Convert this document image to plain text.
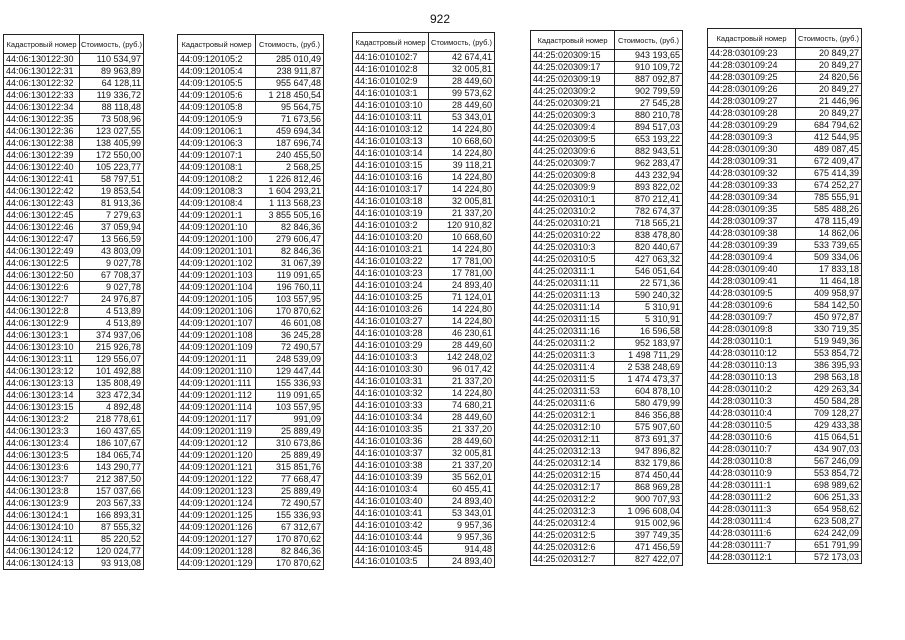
922
Кадастровый номер	Стоимость, (руб.)
44:06:130122:30	110 534,97
44:06:130122:31	89 963,89
44:06:130122:32	64 128,11
44:06:130122:33	119 336,72
44:06:130122:34	88 118,48
44:06:130122:35	73 508,96
44:06:130122:36	123 027,55
44:06:130122:38	138 405,99
44:06:130122:39	172 550,00
44:06:130122:40	105 223,77
44:06:130122:41	58 797,51
44:06:130122:42	19 853,54
44:06:130122:43	81 913,36
44:06:130122:45	7 279,63
44:06:130122:46	37 059,94
44:06:130122:47	13 566,59
44:06:130122:49	43 803,09
44:06:130122:5	9 027,78
44:06:130122:50	67 708,37
44:06:130122:6	9 027,78
44:06:130122:7	24 976,87
44:06:130122:8	4 513,89
44:06:130122:9	4 513,89
44:06:130123:1	374 937,06
44:06:130123:10	215 926,78
44:06:130123:11	129 556,07
44:06:130123:12	101 492,88
44:06:130123:13	135 808,49
44:06:130123:14	323 472,34
44:06:130123:15	4 892,48
44:06:130123:2	218 778,61
44:06:130123:3	160 437,65
44:06:130123:4	186 107,67
44:06:130123:5	184 065,74
44:06:130123:6	143 290,77
44:06:130123:7	212 387,50
44:06:130123:8	157 037,66
44:06:130123:9	203 567,33
44:06:130124:1	166 893,31
44:06:130124:10	87 555,32
44:06:130124:11	85 220,52
44:06:130124:12	120 024,77
44:06:130124:13	93 913,08
Кадастровый номер	Стоимость, (руб.)
44:09:120105:2	285 010,49
44:09:120105:4	238 911,87
44:09:120105:5	955 647,48
44:09:120105:6	1 218 450,54
44:09:120105:8	95 564,75
44:09:120105:9	71 673,56
44:09:120106:1	459 694,34
44:09:120106:3	187 696,74
44:09:120107:1	240 455,50
44:09:120108:1	2 568,25
44:09:120108:2	1 226 812,46
44:09:120108:3	1 604 293,21
44:09:120108:4	1 113 568,23
44:09:120201:1	3 855 505,16
44:09:120201:10	82 846,36
44:09:120201:100	279 606,47
44:09:120201:101	82 846,36
44:09:120201:102	31 067,39
44:09:120201:103	119 091,65
44:09:120201:104	196 760,11
44:09:120201:105	103 557,95
44:09:120201:106	170 870,62
44:09:120201:107	46 601,08
44:09:120201:108	36 245,28
44:09:120201:109	72 490,57
44:09:120201:11	248 539,09
44:09:120201:110	129 447,44
44:09:120201:111	155 336,93
44:09:120201:112	119 091,65
44:09:120201:114	103 557,95
44:09:120201:117	991,09
44:09:120201:119	25 889,49
44:09:120201:12	310 673,86
44:09:120201:120	25 889,49
44:09:120201:121	315 851,76
44:09:120201:122	77 668,47
44:09:120201:123	25 889,49
44:09:120201:124	72 490,57
44:09:120201:125	155 336,93
44:09:120201:126	67 312,67
44:09:120201:127	170 870,62
44:09:120201:128	82 846,36
44:09:120201:129	170 870,62
Кадастровый номер	Стоимость, (руб.)
44:16:010102:7	42 674,41
44:16:010102:8	32 005,81
44:16:010102:9	28 449,60
44:16:010103:1	99 573,62
44:16:010103:10	28 449,60
44:16:010103:11	53 343,01
44:16:010103:12	14 224,80
44:16:010103:13	10 668,60
44:16:010103:14	14 224,80
44:16:010103:15	39 118,21
44:16:010103:16	14 224,80
44:16:010103:17	14 224,80
44:16:010103:18	32 005,81
44:16:010103:19	21 337,20
44:16:010103:2	120 910,82
44:16:010103:20	10 668,60
44:16:010103:21	14 224,80
44:16:010103:22	17 781,00
44:16:010103:23	17 781,00
44:16:010103:24	24 893,40
44:16:010103:25	71 124,01
44:16:010103:26	14 224,80
44:16:010103:27	14 224,80
44:16:010103:28	46 230,61
44:16:010103:29	28 449,60
44:16:010103:3	142 248,02
44:16:010103:30	96 017,42
44:16:010103:31	21 337,20
44:16:010103:32	14 224,80
44:16:010103:33	74 680,21
44:16:010103:34	28 449,60
44:16:010103:35	21 337,20
44:16:010103:36	28 449,60
44:16:010103:37	32 005,81
44:16:010103:38	21 337,20
44:16:010103:39	35 562,01
44:16:010103:4	60 455,41
44:16:010103:40	24 893,40
44:16:010103:41	53 343,01
44:16:010103:42	9 957,36
44:16:010103:44	9 957,36
44:16:010103:45	914,48
44:16:010103:5	24 893,40
Кадастровый номер	Стоимость, (руб.)
44:25:020309:15	943 193,65
44:25:020309:17	910 109,72
44:25:020309:19	887 092,87
44:25:020309:2	902 799,59
44:25:020309:21	27 545,28
44:25:020309:3	880 210,78
44:25:020309:4	894 517,03
44:25:020309:5	653 193,22
44:25:020309:6	882 943,51
44:25:020309:7	962 283,47
44:25:020309:8	443 232,94
44:25:020309:9	893 822,02
44:25:020310:1	870 212,41
44:25:020310:2	782 674,37
44:25:020310:21	718 565,21
44:25:020310:22	838 478,80
44:25:020310:3	820 440,67
44:25:020310:5	427 063,32
44:25:020311:1	546 051,64
44:25:020311:11	22 571,36
44:25:020311:13	590 240,32
44:25:020311:14	5 310,91
44:25:020311:15	5 310,91
44:25:020311:16	16 596,58
44:25:020311:2	952 183,97
44:25:020311:3	1 498 711,29
44:25:020311:4	2 538 248,69
44:25:020311:5	1 474 473,37
44:25:020311:53	604 878,10
44:25:020311:6	580 479,99
44:25:020312:1	846 356,88
44:25:020312:10	575 907,60
44:25:020312:11	873 691,37
44:25:020312:13	947 896,82
44:25:020312:14	832 179,86
44:25:020312:15	874 450,44
44:25:020312:17	868 969,28
44:25:020312:2	900 707,93
44:25:020312:3	1 096 608,04
44:25:020312:4	915 002,96
44:25:020312:5	397 749,35
44:25:020312:6	471 456,59
44:25:020312:7	827 422,07
Кадастровый номер	Стоимость, (руб.)
44:28:030109:23	20 849,27
44:28:030109:24	20 849,27
44:28:030109:25	24 820,56
44:28:030109:26	20 849,27
44:28:030109:27	21 446,96
44:28:030109:28	20 849,27
44:28:030109:29	684 794,62
44:28:030109:3	412 544,95
44:28:030109:30	489 087,45
44:28:030109:31	672 409,47
44:28:030109:32	675 414,39
44:28:030109:33	674 252,27
44:28:030109:34	785 555,91
44:28:030109:35	585 488,26
44:28:030109:37	478 115,49
44:28:030109:38	14 862,06
44:28:030109:39	533 739,65
44:28:030109:4	509 334,06
44:28:030109:40	17 833,18
44:28:030109:41	11 464,18
44:28:030109:5	409 958,97
44:28:030109:6	584 142,50
44:28:030109:7	450 972,87
44:28:030109:8	330 719,35
44:28:030110:1	519 949,36
44:28:030110:12	553 854,72
44:28:030110:13	386 395,93
44:28:030110:13	298 563,18
44:28:030110:2	429 263,34
44:28:030110:3	450 584,28
44:28:030110:4	709 128,27
44:28:030110:5	429 433,38
44:28:030110:6	415 064,51
44:28:030110:7	434 907,03
44:28:030110:8	567 246,09
44:28:030110:9	553 854,72
44:28:030111:1	698 989,62
44:28:030111:2	606 251,33
44:28:030111:3	654 958,62
44:28:030111:4	623 508,27
44:28:030111:6	624 242,09
44:28:030111:7	651 791,99
44:28:030112:1	572 173,03
